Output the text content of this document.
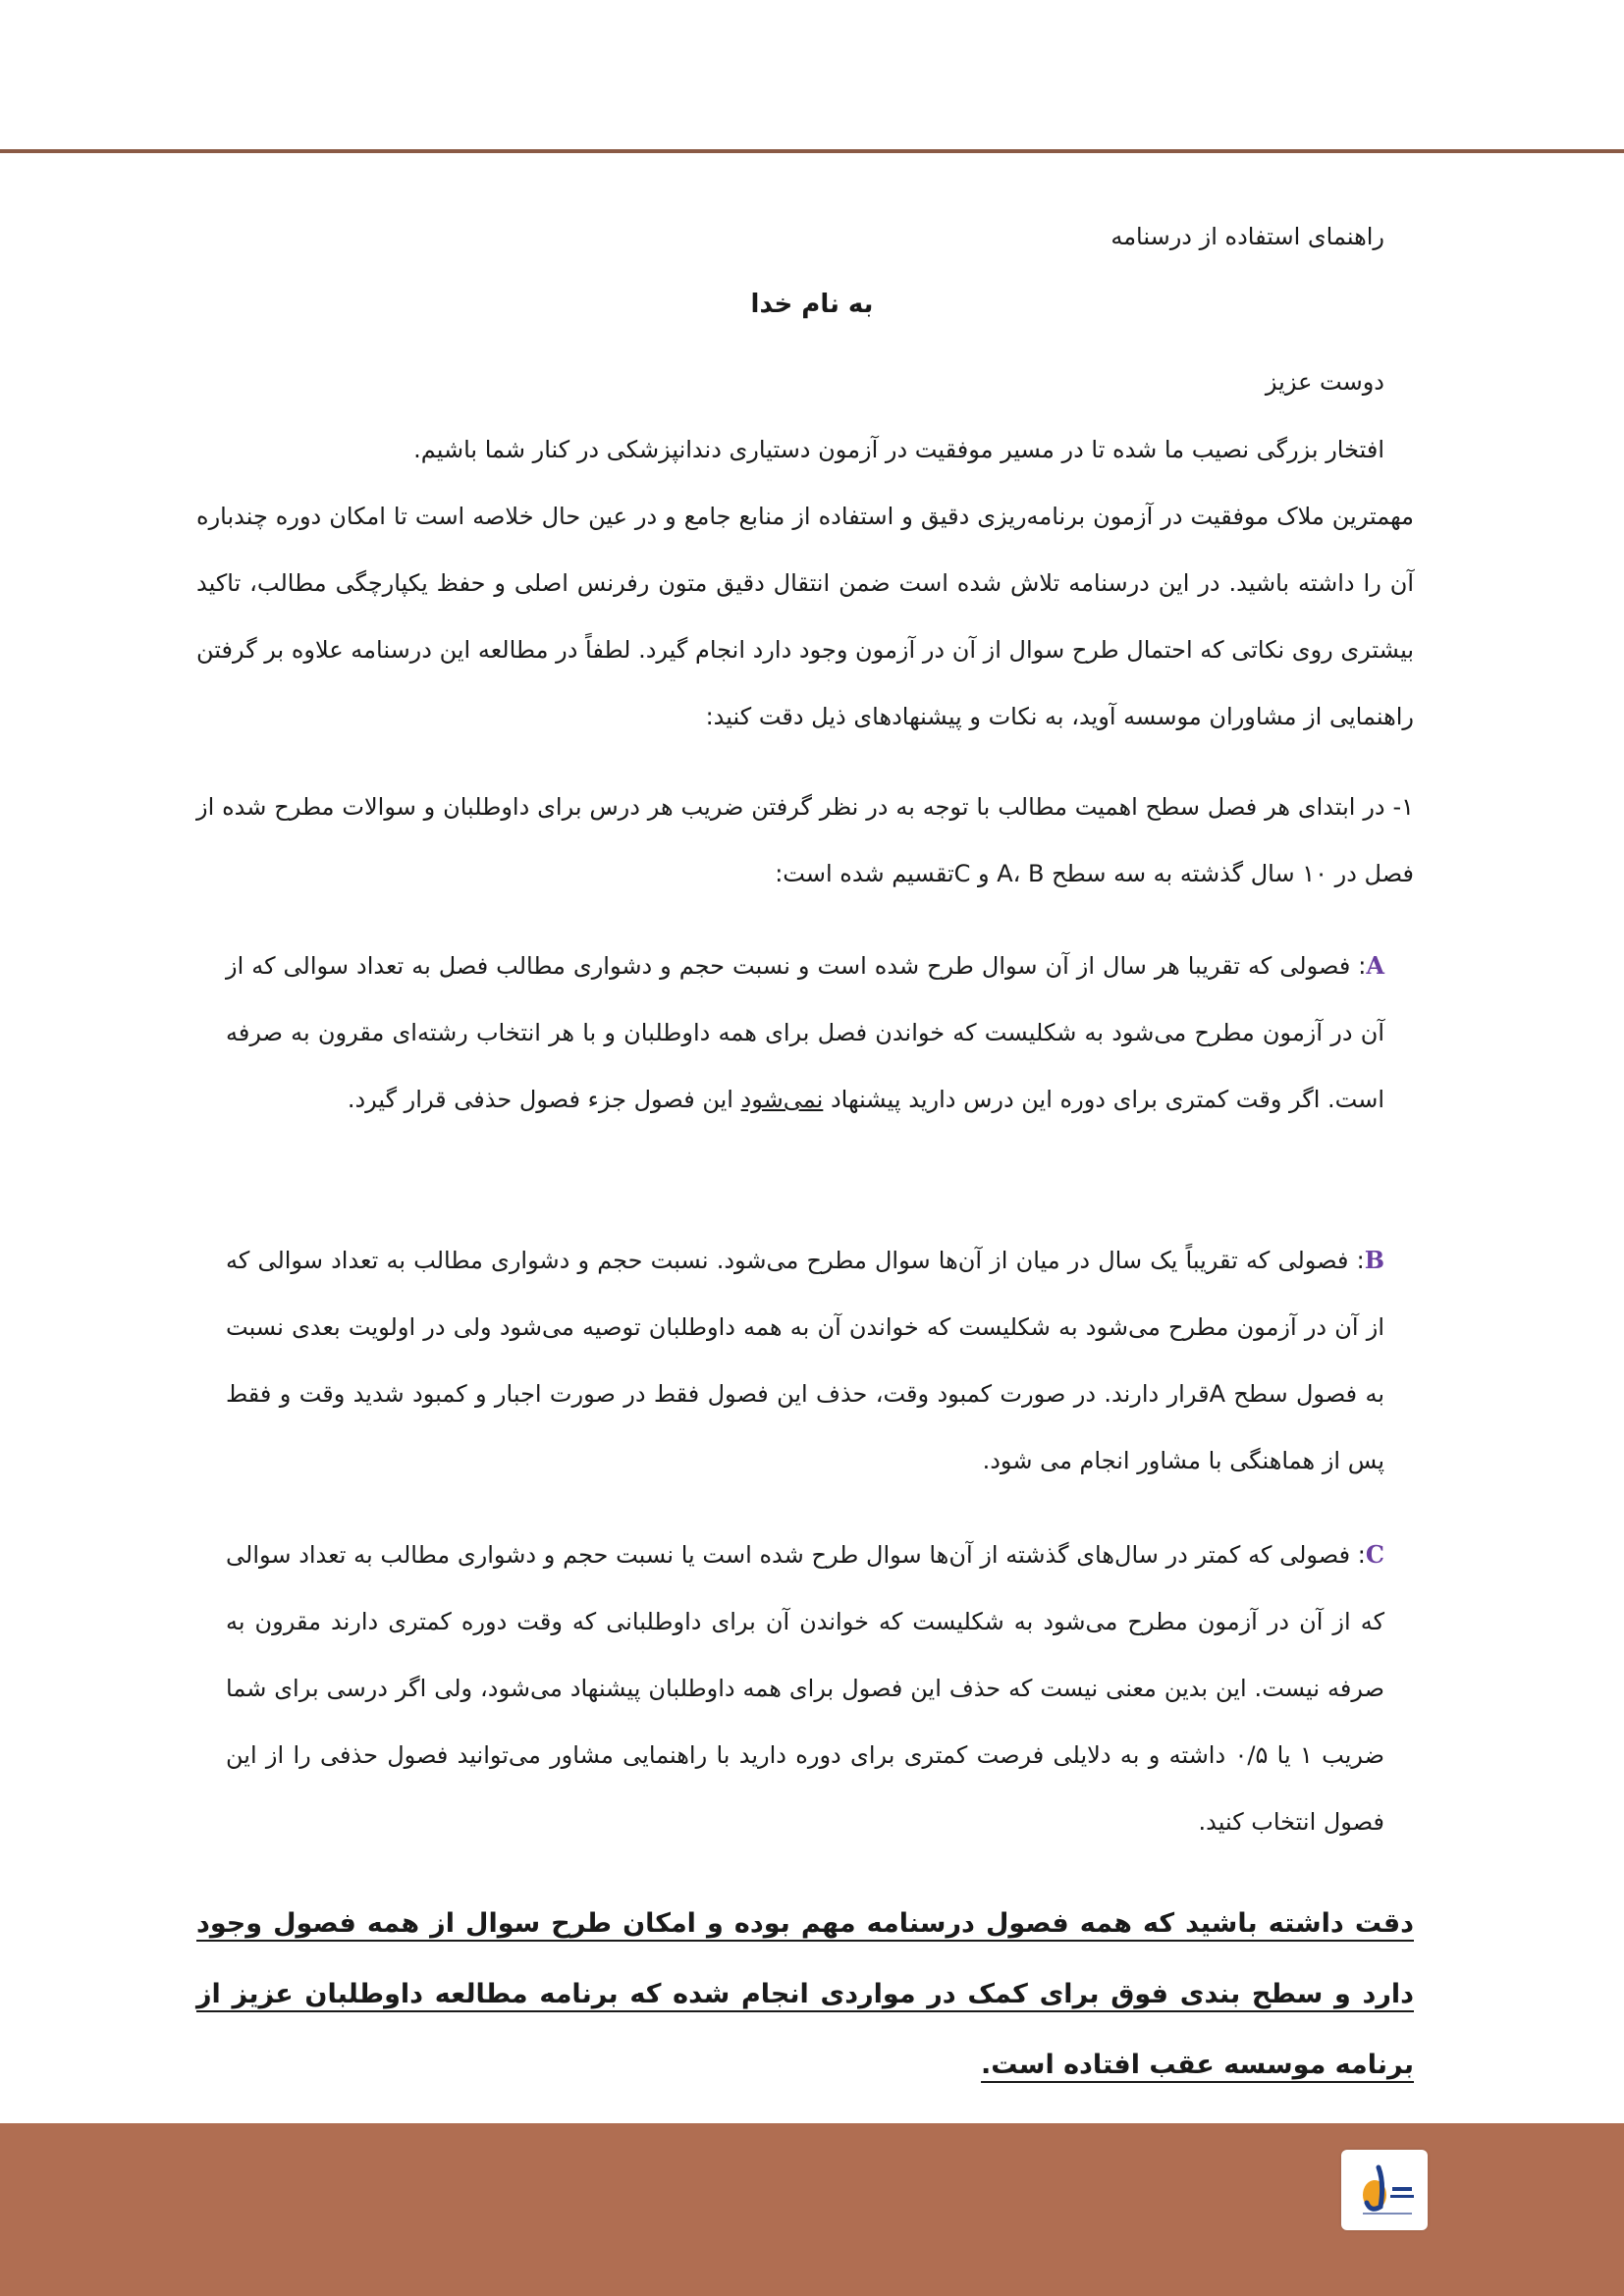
راهنمای استفاده از درسنامه
به نام خدا
دوست عزیز
افتخار بزرگی نصیب ما شده تا در مسیر موفقیت در آزمون دستیاری دندانپزشکی در کنار شما باشیم.
مهمترین ملاک موفقیت در آزمون برنامه‌ریزی دقیق و استفاده از منابع جامع و در عین حال خلاصه است تا امکان دوره چندباره آن را داشته باشید. در این درسنامه تلاش شده است ضمن انتقال دقیق متون رفرنس اصلی و حفظ یکپارچگی مطالب، تاکید بیشتری روی نکاتی که احتمال طرح سوال از آن در آزمون وجود دارد انجام گیرد. لطفاً در مطالعه این درسنامه علاوه بر گرفتن راهنمایی از مشاوران موسسه آوید، به نکات و پیشنهادهای ذیل دقت کنید:
۱- در ابتدای هر فصل سطح اهمیت مطالب با توجه به در نظر گرفتن ضریب هر درس برای داوطلبان و سوالات مطرح شده از فصل در ۱۰ سال گذشته به سه سطح A، B و Cتقسیم شده است:
A: فصولی که تقریبا هر سال از آن سوال طرح شده است و نسبت حجم و دشواری مطالب فصل به تعداد سوالی که از آن در آزمون مطرح می‌شود به شکلیست که خواندن فصل برای همه داوطلبان و با هر انتخاب رشته‌ای مقرون به صرفه است. اگر وقت کمتری برای دوره این درس دارید پیشنهاد نمی‌شود این فصول جزء فصول حذفی قرار گیرد.
B: فصولی که تقریباً یک سال در میان از آن‌ها سوال مطرح می‌شود. نسبت حجم و دشواری مطالب به تعداد سوالی که از آن در آزمون مطرح می‌شود به شکلیست که خواندن آن به همه داوطلبان توصیه می‌شود ولی در اولویت بعدی نسبت به فصول سطح Aقرار دارند. در صورت کمبود وقت، حذف این فصول فقط در صورت اجبار و کمبود شدید وقت و فقط پس از هماهنگی با مشاور انجام می شود.
C: فصولی که کمتر در سال‌های گذشته از آن‌ها سوال طرح شده است یا نسبت حجم و دشواری مطالب به تعداد سوالی که از آن در آزمون مطرح می‌شود به شکلیست که خواندن آن برای داوطلبانی که وقت دوره کمتری دارند مقرون به صرفه نیست. این بدین معنی نیست که حذف این فصول برای همه داوطلبان پیشنهاد می‌شود، ولی اگر درسی برای شما ضریب ۱ یا ۰/۵ داشته و به دلایلی فرصت کمتری برای دوره دارید با راهنمایی مشاور می‌توانید فصول حذفی را از این فصول انتخاب کنید.
دقت داشته باشید که همه فصول درسنامه مهم بوده و امکان طرح سوال از همه فصول وجود دارد و سطح بندی فوق برای کمک در مواردی انجام شده که برنامه مطالعه داوطلبان عزیز از برنامه موسسه عقب افتاده است.
